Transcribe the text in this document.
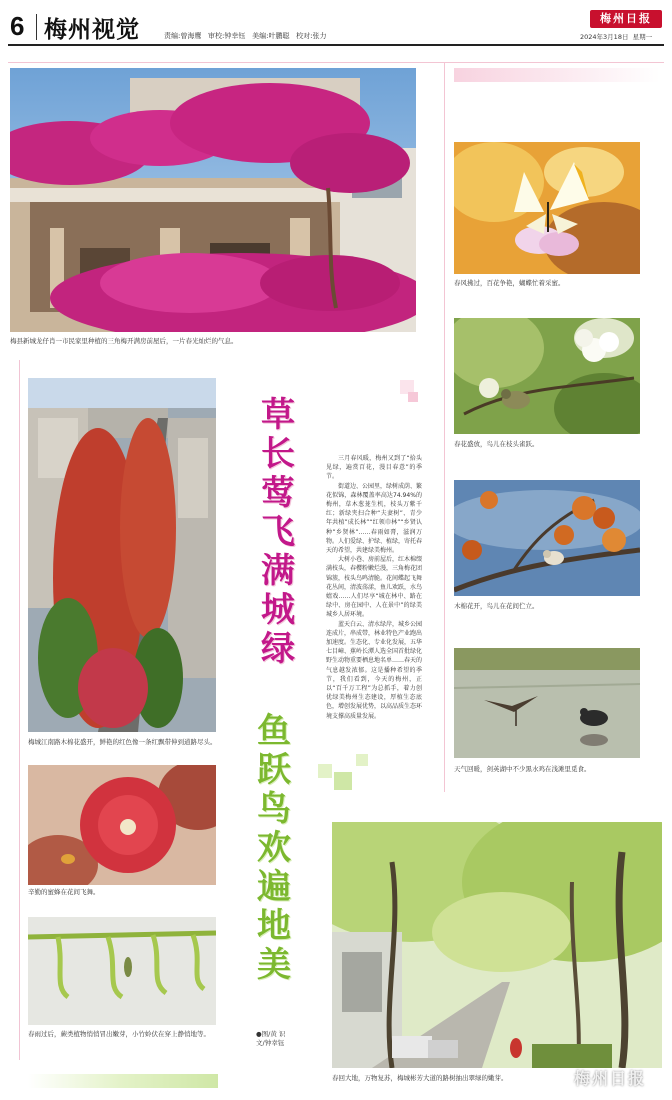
6 梅州视觉	责编:曾海鹰 审校:钟幸钰 美编:叶鹏聪 校对:张力
梅州日报
2024年3月18日 星期一
梅县新城龙仔肖一市民家里种植的三角梅开满房前屋后，一片春光灿烂的气息。
春风拂过，百花争艳，蝴蝶忙着采蜜。
春花盛放，鸟儿在枝头雀跃。
木棉花开，鸟儿在花间伫立。
天气回暖，剑英湖中不少黑水鸡在浅滩里觅食。
梅城江南路木棉花盛开，鲜艳的红色像一条红飘带伸到道路尽头。
辛勤的蜜蜂在花间飞舞。
春雨过后，蕨类植物悄悄冒出嫩芽，小竹蛉伏在穿上静悄地等。
草长莺飞满城绿
鱼跃鸟欢遍地美

三月春风暖，梅州又到了“拾头见绿，遍赏百花，漫目春意”的季节。

街道边、公园里，绿树成荫、繁花似锦，森林覆盖率高达74.94%的梅州，草木葱茏生机，枝头万紫千红；新绿夹扫合种“夫妻树”、青少年共植”成长林”“红领巾林”“乡贤认种”乡贤林”……春雨如膏，滋润万物。人们爱绿、护绿、植绿，寄托春天的希望，共建绿美梅州。

大树小巷、房前屋后，红木棉缀满枝头，春樱粉嫩烂漫，三角梅花团锦簇，枝头鸟鸣清脆。花间蝶起飞舞花丛间，清波荡漾，鱼儿欢跃，水鸟嬉戏……人们尽享“城在林中、路在绿中、房在园中、人在景中”的绿美城乡人居环境。

蓝天白云、清水绿岸，城乡公园连成片，串成带，林业特色产业跑出加速度。生态化、专业化发展，五华七目嶂、蕉岭长潭人选全国首批绿化野生动物重要栖息地名单……春天的气息越发浓郁。这是播种希望的季节，我们看到，今天的梅州，正以“百千万工程”为总抓手，着力创优绿美梅州生态建设，厚植生态底色，增创发展优势，以高品质生态环境支撑高质量发展。

●图/黄 识
文/钟幸钰
春回大地，万物复苏，梅城彬芳大道的路树抽出翠绿的嫩芽。	梅州日报
